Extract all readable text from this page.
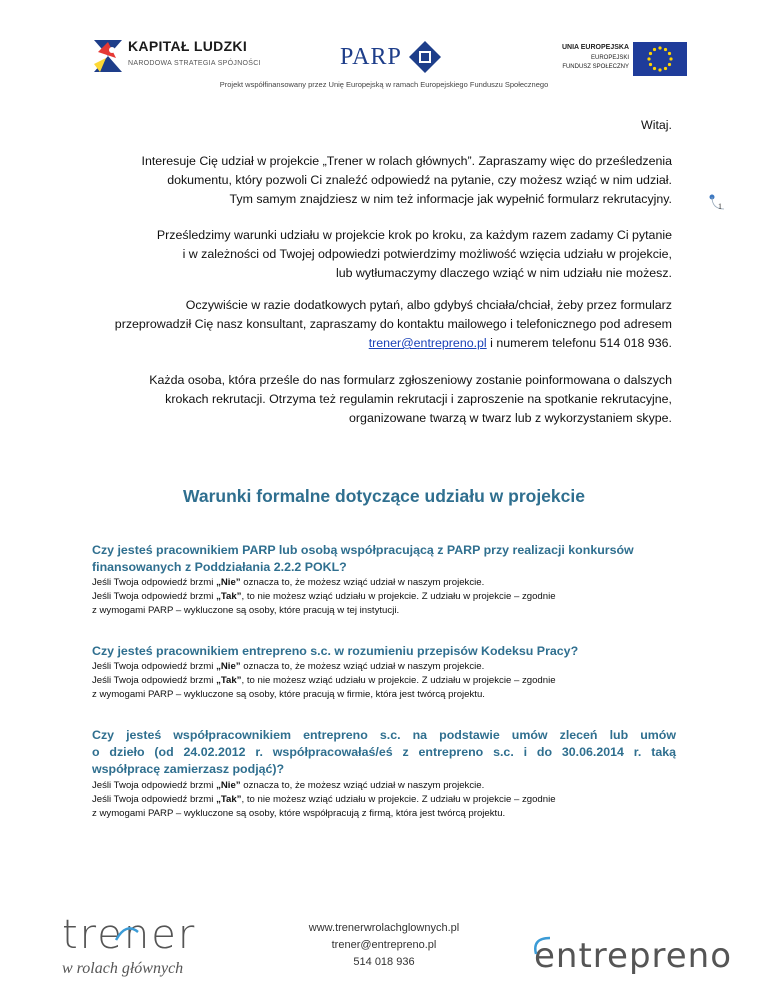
KAPITAŁ LUDZKI
NARODOWA STRATEGIA SPÓJNOŚCI	PARP	UNIA EUROPEJSKA
EUROPEJSKI
FUNDUSZ SPOŁECZNY
Projekt współfinansowany przez Unię Europejską w ramach Europejskiego Funduszu Społecznego
1
Witaj.
Interesuje Cię udział w projekcie „Trener w rolach głównych”. Zapraszamy więc do prześledzenia
dokumentu, który pozwoli Ci znaleźć odpowiedź na pytanie, czy możesz wziąć w nim udział.
Tym samym znajdziesz w nim też informacje jak wypełnić formularz rekrutacyjny.
Prześledzimy warunki udziału w projekcie krok po kroku, za każdym razem zadamy Ci pytanie
i w zależności od Twojej odpowiedzi potwierdzimy możliwość wzięcia udziału w projekcie,
lub wytłumaczymy dlaczego wziąć w nim udziału nie możesz.
Oczywiście w razie dodatkowych pytań, albo gdybyś chciała/chciał, żeby przez formularz
przeprowadził Cię nasz konsultant, zapraszamy do kontaktu mailowego i telefonicznego pod adresem
trener@entrepreno.pl i numerem telefonu 514 018 936.
Każda osoba, która prześle do nas formularz zgłoszeniowy zostanie poinformowana o dalszych
krokach rekrutacji. Otrzyma też regulamin rekrutacji i zaproszenie na spotkanie rekrutacyjne,
organizowane twarzą w twarz lub z wykorzystaniem skype.
Warunki formalne dotyczące udziału w projekcie
Czy jesteś pracownikiem PARP lub osobą współpracującą z PARP przy realizacji konkursów
finansowanych z Poddziałania 2.2.2 POKL?
Jeśli Twoja odpowiedź brzmi „Nie” oznacza to, że możesz wziąć udział w naszym projekcie.
Jeśli Twoja odpowiedź brzmi „Tak”, to nie możesz wziąć udziału w projekcie. Z udziału w projekcie – zgodnie
z wymogami PARP – wykluczone są osoby, które pracują w tej instytucji.
Czy jesteś pracownikiem entrepreno s.c. w rozumieniu przepisów Kodeksu Pracy?
Jeśli Twoja odpowiedź brzmi „Nie” oznacza to, że możesz wziąć udział w naszym projekcie.
Jeśli Twoja odpowiedź brzmi „Tak”, to nie możesz wziąć udziału w projekcie. Z udziału w projekcie – zgodnie
z wymogami PARP – wykluczone są osoby, które pracują w firmie, która jest twórcą projektu.
Czy jesteś współpracownikiem entrepreno s.c. na podstawie umów zleceń lub umów
o dzieło (od 24.02.2012 r. współpracowałaś/eś z entrepreno s.c. i do 30.06.2014 r. taką
współpracę zamierzasz podjąć)?
Jeśli Twoja odpowiedź brzmi „Nie” oznacza to, że możesz wziąć udział w naszym projekcie.
Jeśli Twoja odpowiedź brzmi „Tak”, to nie możesz wziąć udziału w projekcie. Z udziału w projekcie – zgodnie
z wymogami PARP – wykluczone są osoby, które współpracują z firmą, która jest twórcą projektu.
trener
w rolach głównych
www.trenerwrolachglownych.pl
trener@entrepreno.pl
514 018 936	entrepreno
